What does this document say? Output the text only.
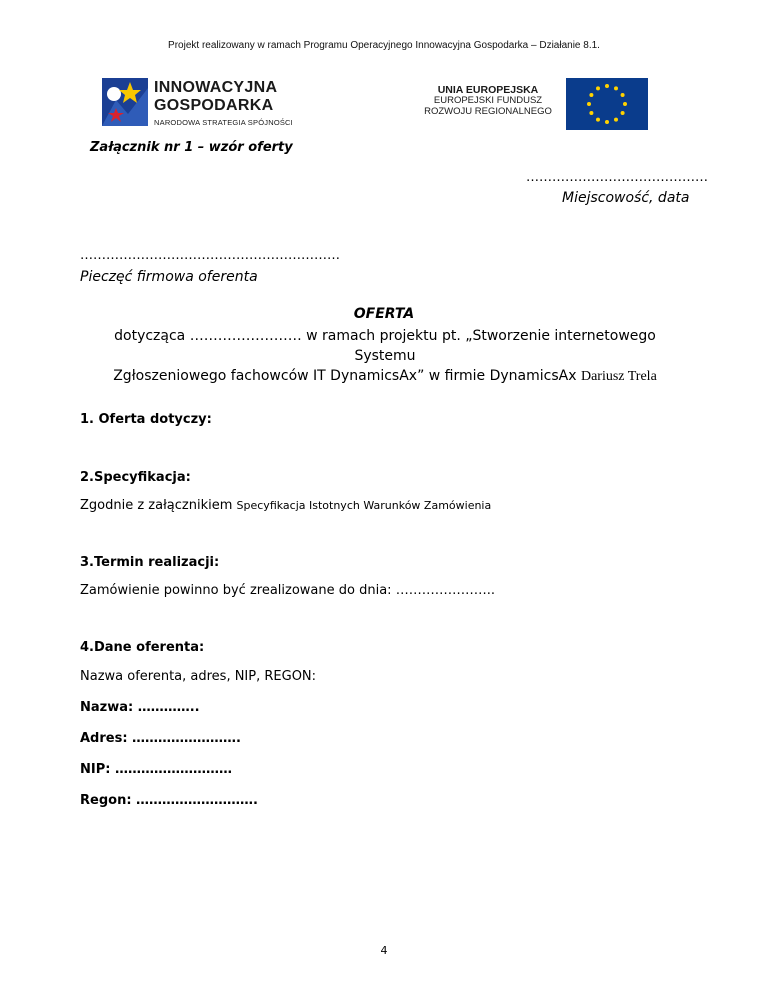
Projekt realizowany w ramach Programu Operacyjnego Innowacyjna Gospodarka – Działanie 8.1.
INNOWACYJNA
GOSPODARKA
NARODOWA STRATEGIA SPÓJNOŚCI
UNIA EUROPEJSKA
EUROPEJSKI FUNDUSZ
ROZWOJU REGIONALNEGO
Załącznik nr 1 – wzór oferty
……………………………………
Miejscowość, data
……………………………………………………
Pieczęć firmowa oferenta
OFERTA
dotycząca …………………… w ramach projektu pt. „Stworzenie internetowego Systemu
Zgłoszeniowego fachowców IT DynamicsAx” w firmie DynamicsAx Dariusz Trela
1. Oferta dotyczy:
2.Specyfikacja:
Zgodnie z załącznikiem Specyfikacja Istotnych Warunków Zamówienia
3.Termin realizacji:
Zamówienie powinno być zrealizowane do dnia: …………………..
4.Dane oferenta:
Nazwa oferenta, adres, NIP, REGON:
Nazwa: …………..
Adres: …………………….
NIP: ………………………
Regon: ……………………….
4
